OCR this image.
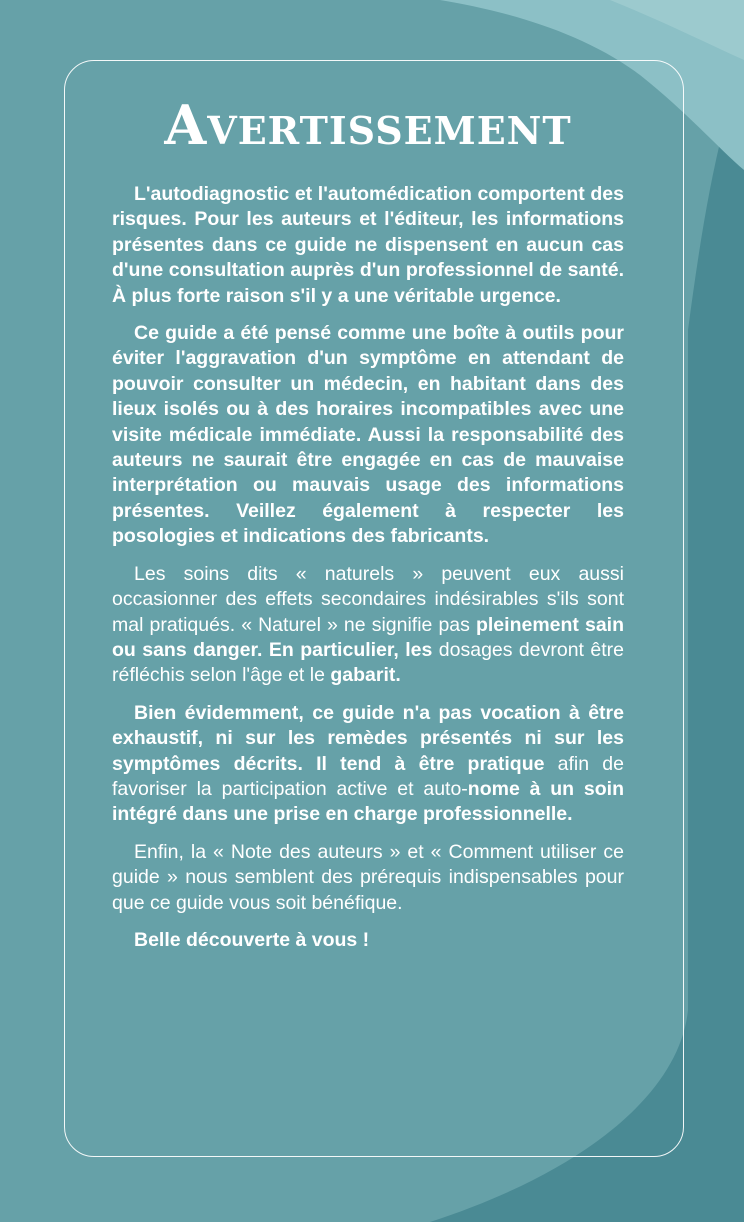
Avertissement

L'autodiagnostic et l'automédication comportent des risques. Pour les auteurs et l'éditeur, les informations présentes dans ce guide ne dispensent en aucun cas d'une consultation auprès d'un professionnel de santé. À plus forte raison s'il y a une véritable urgence.

Ce guide a été pensé comme une boîte à outils pour éviter l'aggravation d'un symptôme en attendant de pouvoir consulter un médecin, en habitant dans des lieux isolés ou à des horaires incompatibles avec une visite médicale immédiate. Aussi la responsabilité des auteurs ne saurait être engagée en cas de mauvaise interprétation ou mauvais usage des informations présentes. Veillez également à respecter les posologies et indications des fabricants.

Les soins dits « naturels » peuvent eux aussi occasionner des effets secondaires indésirables s'ils sont mal pratiqués. « Naturel » ne signifie pas pleinement sain ou sans danger. En particulier, les dosages devront être réfléchis selon l'âge et le gabarit.

Bien évidemment, ce guide n'a pas vocation à être exhaustif, ni sur les remèdes présentés ni sur les symptômes décrits. Il tend à être pratique afin de favoriser la participation active et auto-nome à un soin intégré dans une prise en charge professionnelle.

Enfin, la « Note des auteurs » et « Comment utiliser ce guide » nous semblent des prérequis indispensables pour que ce guide vous soit bénéfique.

Belle découverte à vous !
